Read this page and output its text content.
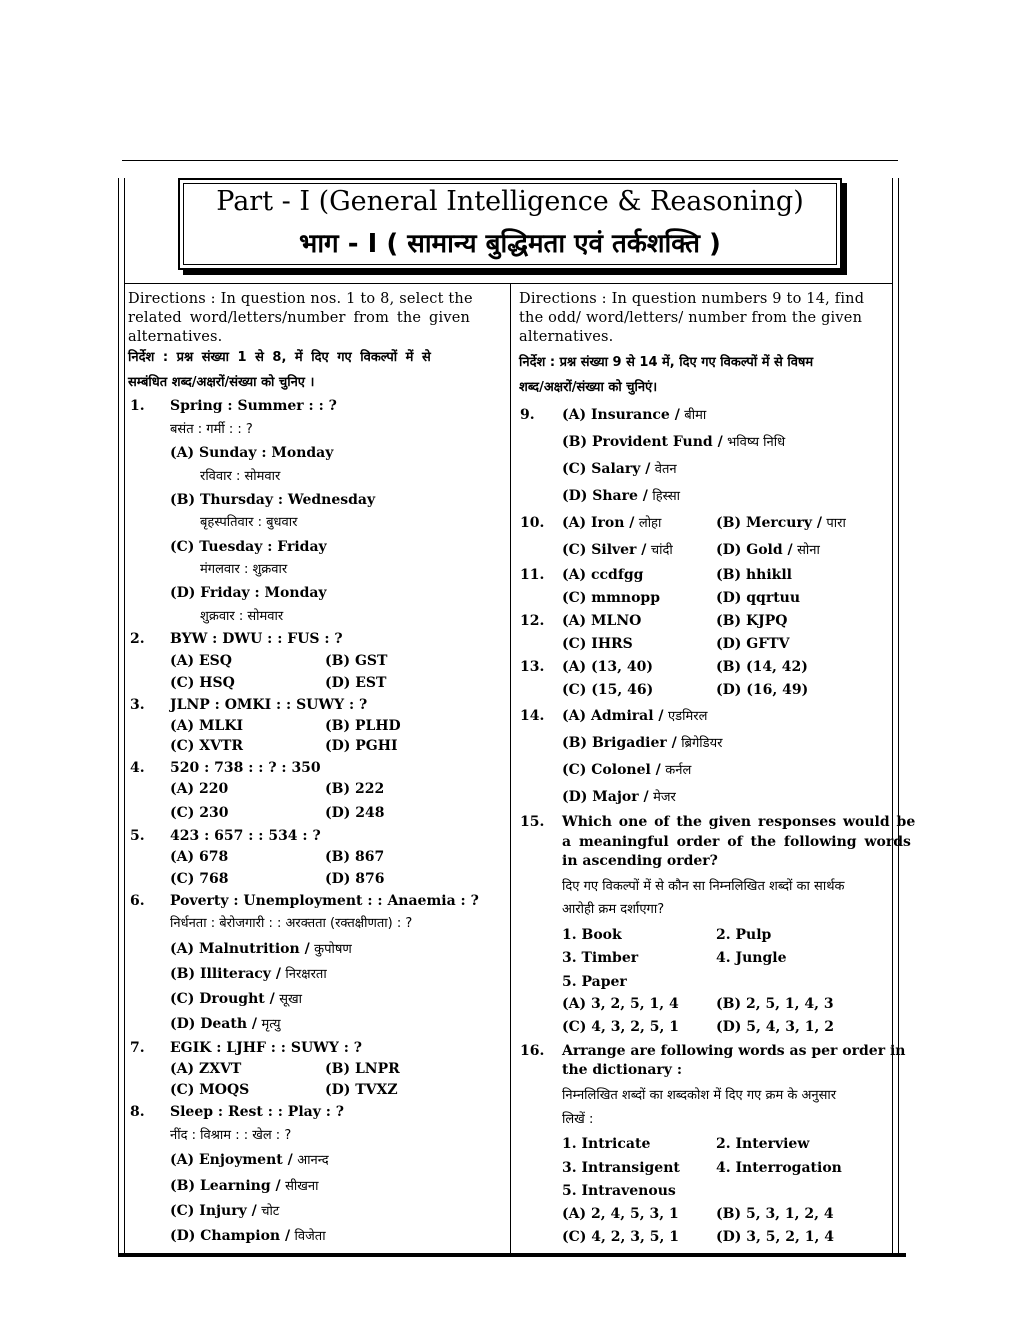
Part - I (General Intelligence & Reasoning)
भाग - I ( सामान्य बुद्धिमता एवं तर्कशक्ति )
Directions : In question nos. 1 to 8, select the
related word/letters/number from the given
alternatives.
निर्देश : प्रश्न संख्या 1 से 8, में दिए गए विकल्पों में से
सम्बंधित शब्द/अक्षरों/संख्या को चुनिए ।
1. Spring : Summer : : ?
बसंत : गर्मी : : ?
(A) Sunday : Monday
रविवार : सोमवार
(B) Thursday : Wednesday
बृहस्पतिवार : बुधवार
(C) Tuesday : Friday
मंगलवार : शुक्रवार
(D) Friday : Monday
शुक्रवार : सोमवार
2. BYW : DWU : : FUS : ?
(A) ESQ	(B) GST
(C) HSQ	(D) EST
3. JLNP : OMKI : : SUWY : ?
(A) MLKI	(B) PLHD
(C) XVTR	(D) PGHI
4. 520 : 738 : : ? : 350
(A) 220	(B) 222
(C) 230	(D) 248
5. 423 : 657 : : 534 : ?
(A) 678	(B) 867
(C) 768	(D) 876
6. Poverty : Unemployment : : Anaemia : ?
निर्धनता : बेरोजगारी : : अरक्तता (रक्तक्षीणता) : ?
(A) Malnutrition / कुपोषण
(B) Illiteracy / निरक्षरता
(C) Drought / सूखा
(D) Death / मृत्यु
7. EGIK : LJHF : : SUWY : ?
(A) ZXVT	(B) LNPR
(C) MOQS	(D) TVXZ
8. Sleep : Rest : : Play : ?
नींद : विश्राम : : खेल : ?
(A) Enjoyment / आनन्द
(B) Learning / सीखना
(C) Injury / चोट
(D) Champion / विजेता
Directions : In question numbers 9 to 14, find
the odd/ word/letters/ number from the given
alternatives.
निर्देश : प्रश्न संख्या 9 से 14 में, दिए गए विकल्पों में से विषम
शब्द/अक्षरों/संख्या को चुनिएं।
9. (A) Insurance / बीमा
(B) Provident Fund / भविष्य निधि
(C) Salary / वेतन
(D) Share / हिस्सा
10. (A) Iron / लोहा	(B) Mercury / पारा
(C) Silver / चांदी	(D) Gold / सोना
11. (A) ccdfgg	(B) hhikll
(C) mmnopp	(D) qqrtuu
12. (A) MLNO	(B) KJPQ
(C) IHRS	(D) GFTV
13. (A) (13, 40)	(B) (14, 42)
(C) (15, 46)	(D) (16, 49)
14. (A) Admiral / एडमिरल
(B) Brigadier / ब्रिगेडियर
(C) Colonel / कर्नल
(D) Major / मेजर
15. Which one of the given responses would be
a meaningful order of the following words
in ascending order?
दिए गए विकल्पों में से कौन सा निम्नलिखित शब्दों का सार्थक
आरोही क्रम दर्शाएगा?
1. Book	2. Pulp
3. Timber	4. Jungle
5. Paper
(A) 3, 2, 5, 1, 4	(B) 2, 5, 1, 4, 3
(C) 4, 3, 2, 5, 1	(D) 5, 4, 3, 1, 2
16. Arrange are following words as per order in
the dictionary :
निम्नलिखित शब्दों का शब्दकोश में दिए गए क्रम के अनुसार
लिखें :
1. Intricate	2. Interview
3. Intransigent	4. Interrogation
5. Intravenous
(A) 2, 4, 5, 3, 1	(B) 5, 3, 1, 2, 4
(C) 4, 2, 3, 5, 1	(D) 3, 5, 2, 1, 4
